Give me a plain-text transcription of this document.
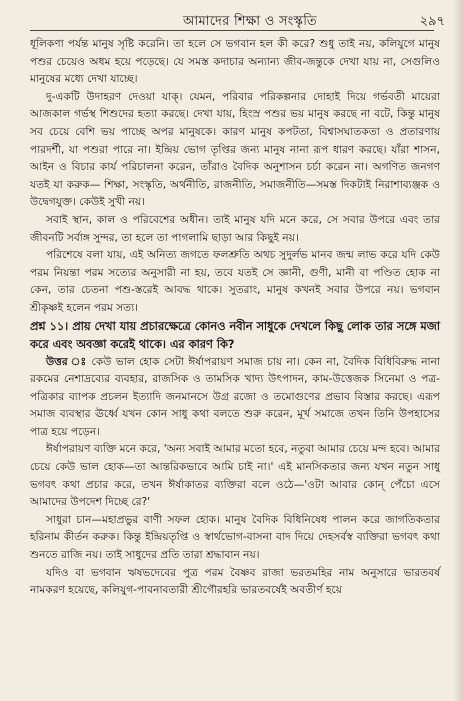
আমাদের শিক্ষা ও সংস্কৃতি	২৯৭

ধূলিকণা পর্যন্ত মানুষ সৃষ্টি করেনি। তা হলে সে ভগবান হল কী করে? শুধু তাই নয়, কলিযুগে মানুষ পশুর চেয়েও অধম হয়ে পড়েছে। যে সমস্ত কদাচার অন্যান্য জীব-জন্তুকে দেখা যায় না, সেগুলিও মানুষের মধ্যে দেখা যাচ্ছে।

দু-একটি উদাহরণ দেওয়া যাক্। যেমন, পরিবার পরিকল্পনার দোহাই দিয়ে গর্ভবতী মায়েরা আজকাল গর্ভস্থ শিশুদের হত্যা করছে। দেখা যায়, হিংস্র পশুর ভয় মানুষ করছে না বটে, কিন্তু মানুষ সব চেয়ে বেশি ভয় পাচ্ছে অপর মানুষকে। কারণ মানুষ কপটতা, বিশ্বাসঘাতকতা ও প্রতারণায় পারদর্শী, যা পশুরা পারে না। ইন্দ্রিয় ভোগ তৃপ্তির জন্য মানুষ নানা রূপ ধারণ করছে। যাঁরা শাসন, আইন ও বিচার কার্য পরিচালনা করেন, তাঁরাও বৈদিক অনুশাসন চর্চা করেন না। অগণিত জনগণ যতই যা করুক— শিক্ষা, সংস্কৃতি, অর্থনীতি, রাজনীতি, সমাজনীতি—সমস্ত দিকটাই নিরাশাব্যঞ্জক ও উদ্বেগযুক্ত। কেউই সুখী নয়।

সবাই স্থান, কাল ও পরিবেশের অধীন। তাই মানুষ যদি মনে করে, সে সবার উপরে এবং তার জীবনটি সর্বাঙ্গ সুন্দর, তা হলে তা পাগলামি ছাড়া আর কিছুই নয়।

পরিশেষে বলা যায়, এই অনিত্য জগতে ফলশ্রুতি অথচ সুদুর্লভ মানব জন্ম লাভ করে যদি কেউ পরম নিয়ন্তা পরম সত্যের অনুসারী না হয়, তবে যতই সে জ্ঞানী, গুণী, মানী বা পণ্ডিত হোক না কেন, তার চেতনা পশু-স্তরেই আবদ্ধ থাকে। সুতরাং, মানুষ কখনই সবার উপরে নয়। ভগবান শ্রীকৃষ্ণই হলেন পরম সত্য।

প্রশ্ন ১১। প্রায় দেখা যায় প্রচারক্ষেত্রে কোনও নবীন সাধুকে দেখলে কিছু লোক তার সঙ্গে মজা করে এবং অবজ্ঞা করেই থাকে। এর কারণ কি?

উত্তর ঃ কেউ ভাল হোক সেটা ঈর্ষাপরায়ণ সমাজ চায় না। কেন না, বৈদিক বিধিবিরুদ্ধ নানা রকমের নেশাদ্রব্যের ব্যবহার, রাজসিক ও তামসিক খাদ্য উৎপাদন, কাম-উত্তেজক সিনেমা ও পত্র-পত্রিকার ব্যাপক প্রচলন ইত্যাদি জনমানসে উগ্র রজো ও তমোগুণের প্রভাব বিস্তার করছে। এরূপ সমাজ ব্যবস্থার ঊর্ধ্বে যখন কোন সাধু কথা বলতে শুরু করেন, মূর্খ সমাজে তখন তিনি উপহাসের পাত্র হয়ে পড়েন।

ঈর্ষাপরায়ণ ব্যক্তি মনে করে, 'অন্য সবাই আমার মতো হবে, নতুবা আমার চেয়ে মন্দ হবে। আমার চেয়ে কেউ ভাল হোক—তা আন্তরিকভাবে আমি চাই না।' এই মানসিকতার জন্য যখন নতুন সাধু ভগবৎ কথা প্রচার করে, তখন ঈর্ষাকাতর ব্যক্তিরা বলে ওঠে—'ওটা আবার কোন্ পেঁচো এসে আমাদের উপদেশ দিচ্ছে রে?'

সাধুরা চান—মহাপ্রভুর বাণী সফল হোক। মানুষ বৈদিক বিধিনিষেধ পালন করে জাগতিকতার হরিনাম কীর্তন করুক। কিন্তু ইন্দ্রিয়তৃপ্তি ও স্বার্থভোগ-বাসনা বাদ দিয়ে দেহসর্বস্ব ব্যক্তিরা ভগবৎ কথা শুনতে রাজি নয়। তাই সাধুদের প্রতি তারা শ্রদ্ধাবান নয়।

যদিও বা ভগবান ঋষভদেবের পুত্র পরম বৈষ্ণব রাজা ভরতমহির নাম অনুসারে ভারতবর্ষ নামকরণ হয়েছে, কলিযুগ-পাবনাবতারী শ্রীগৌরহরি ভারতবর্ষেই অবতীর্ণ হয়ে
